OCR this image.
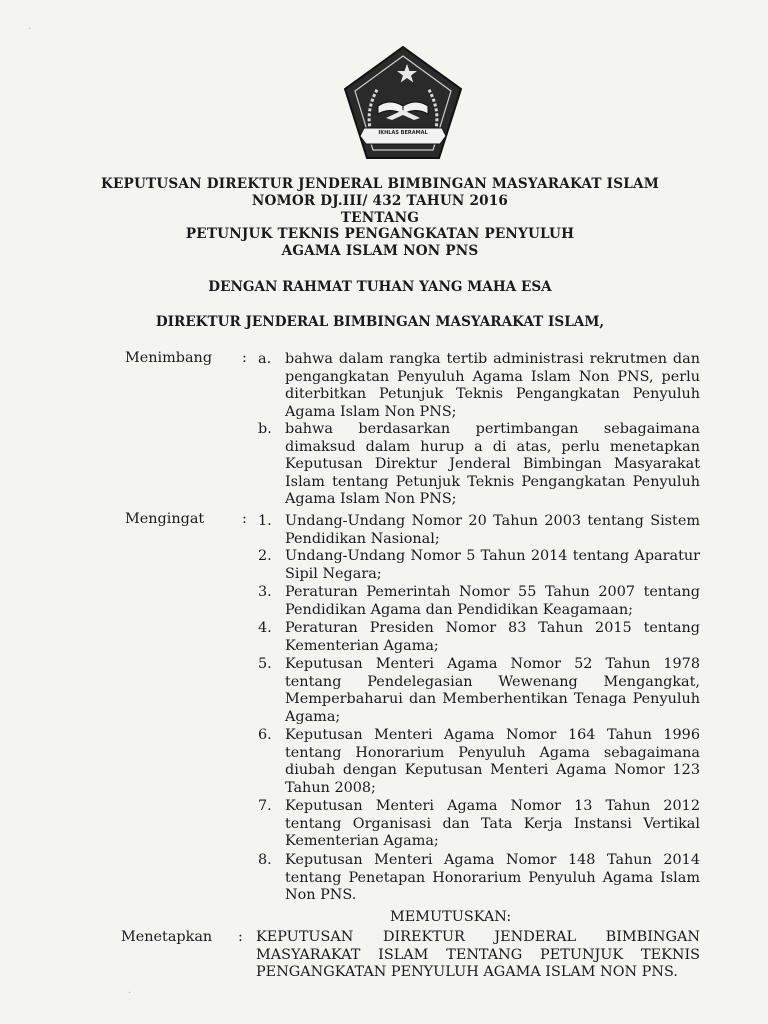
IKHLAS BERAMAL
KEPUTUSAN DIREKTUR JENDERAL BIMBINGAN MASYARAKAT ISLAM
NOMOR DJ.III/ 432 TAHUN 2016
TENTANG
PETUNJUK TEKNIS PENGANGKATAN PENYULUH
AGAMA ISLAM NON PNS
DENGAN RAHMAT TUHAN YANG MAHA ESA
DIREKTUR JENDERAL BIMBINGAN MASYARAKAT ISLAM,
Menimbang : a. bahwa dalam rangka tertib administrasi rekrutmen dan pengangkatan Penyuluh Agama Islam Non PNS, perlu diterbitkan Petunjuk Teknis Pengangkatan Penyuluh Agama Islam Non PNS;
b. bahwa berdasarkan pertimbangan sebagaimana dimaksud dalam hurup a di atas, perlu menetapkan Keputusan Direktur Jenderal Bimbingan Masyarakat Islam tentang Petunjuk Teknis Pengangkatan Penyuluh Agama Islam Non PNS;
Mengingat	: 1. Undang-Undang Nomor 20 Tahun 2003 tentang Sistem Pendidikan Nasional;
2. Undang-Undang Nomor 5 Tahun 2014 tentang Aparatur Sipil Negara;
3. Peraturan Pemerintah Nomor 55 Tahun 2007 tentang Pendidikan Agama dan Pendidikan Keagamaan;
4. Peraturan Presiden Nomor 83 Tahun 2015 tentang Kementerian Agama;
5. Keputusan Menteri Agama Nomor 52 Tahun 1978 tentang Pendelegasian Wewenang Mengangkat, Memperbaharui dan Memberhentikan Tenaga Penyuluh Agama;
6. Keputusan Menteri Agama Nomor 164 Tahun 1996 tentang Honorarium Penyuluh Agama sebagaimana diubah dengan Keputusan Menteri Agama Nomor 123 Tahun 2008;
7. Keputusan Menteri Agama Nomor 13 Tahun 2012 tentang Organisasi dan Tata Kerja Instansi Vertikal Kementerian Agama;
8. Keputusan Menteri Agama Nomor 148 Tahun 2014 tentang Penetapan Honorarium Penyuluh Agama Islam Non PNS.
MEMUTUSKAN:
Menetapkan : KEPUTUSAN DIREKTUR JENDERAL BIMBINGAN MASYARAKAT ISLAM TENTANG PETUNJUK TEKNIS PENGANGKATAN PENYULUH AGAMA ISLAM NON PNS.
·
·
